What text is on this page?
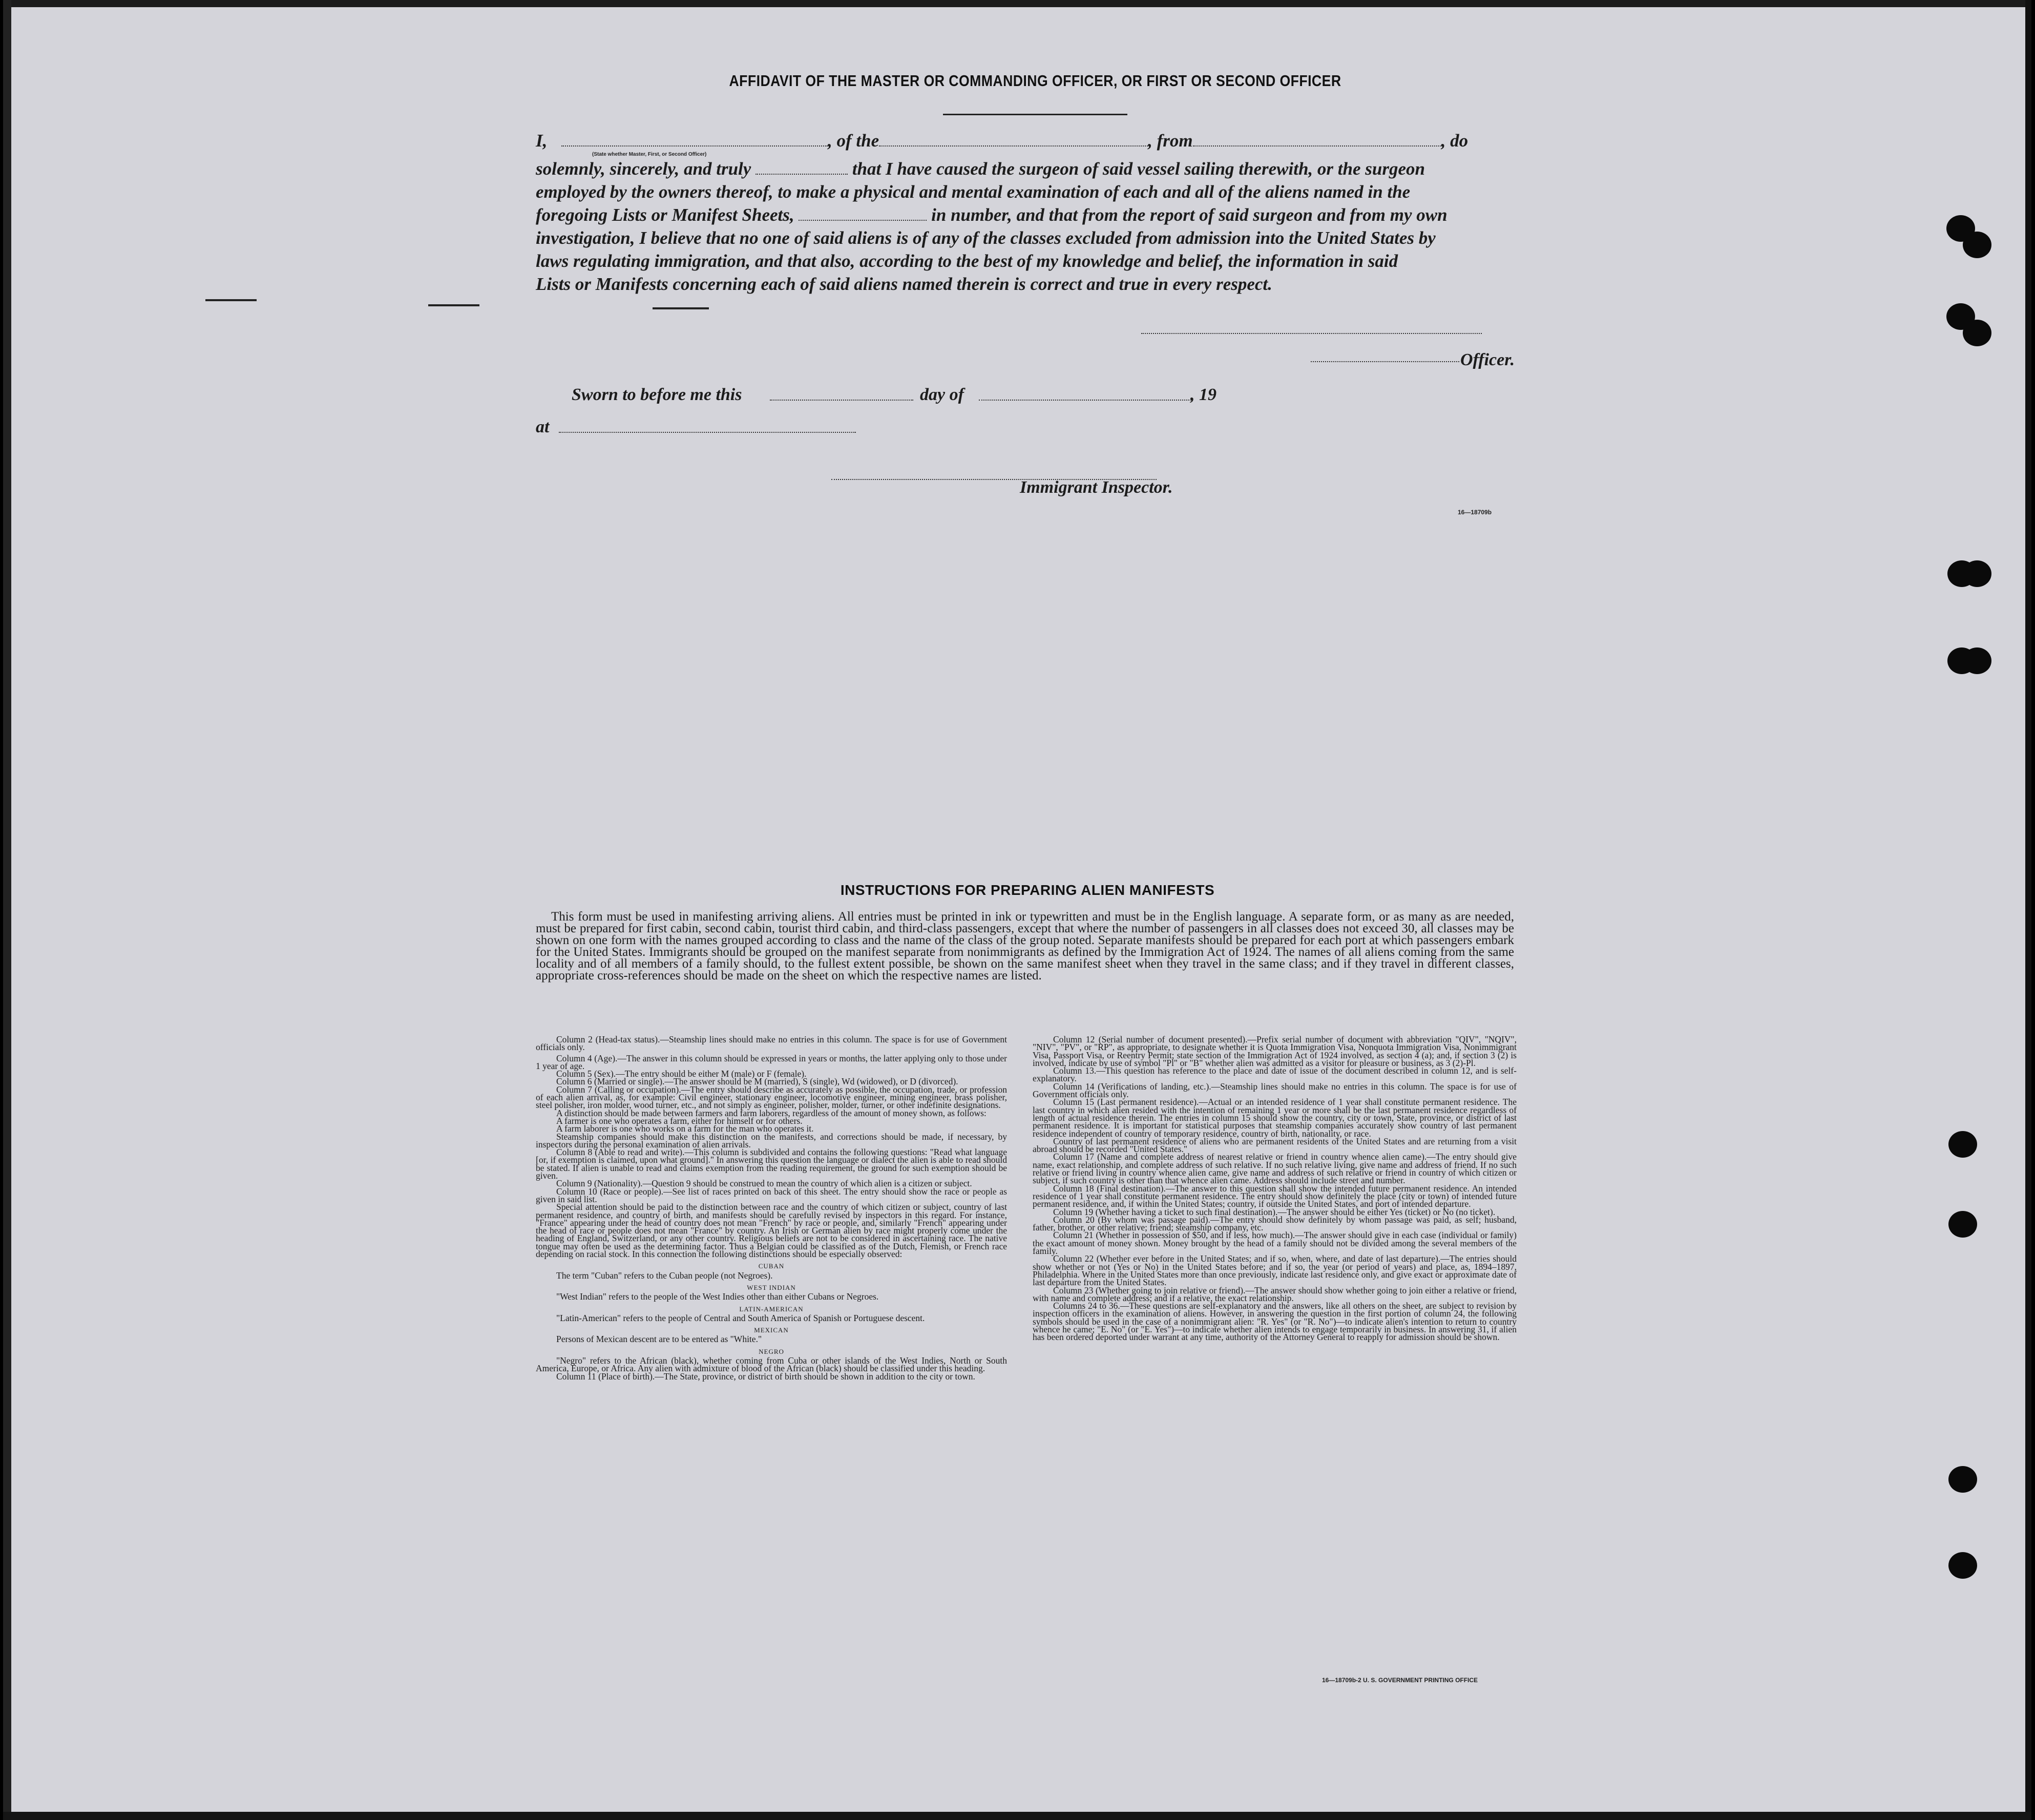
AFFIDAVIT OF THE MASTER OR COMMANDING OFFICER, OR FIRST OR SECOND OFFICER
I,	, of the	, from	, do
(State whether Master, First, or Second Officer)
solemnly, sincerely, and truly	that I have caused the surgeon of said vessel sailing therewith, or the surgeon
employed by the owners thereof, to make a physical and mental examination of each and all of the aliens named in the
foregoing Lists or Manifest Sheets,	in number, and that from the report of said surgeon and from my own
investigation, I believe that no one of said aliens is of any of the classes excluded from admission into the United States by
laws regulating immigration, and that also, according to the best of my knowledge and belief, the information in said
Lists or Manifests concerning each of said aliens named therein is correct and true in every respect.
Officer.
Sworn to before me this	day of	, 19
at
Immigrant Inspector.
16—18709b
INSTRUCTIONS FOR PREPARING ALIEN MANIFESTS
This form must be used in manifesting arriving aliens. All entries must be printed in ink or typewritten and must be in the English language. A separate form, or as many as are needed, must be prepared for first cabin, second cabin, tourist third cabin, and third-class passengers, except that where the number of passengers in all classes does not exceed 30, all classes may be shown on one form with the names grouped according to class and the name of the class of the group noted. Separate manifests should be prepared for each port at which passengers embark for the United States. Immigrants should be grouped on the manifest separate from nonimmigrants as defined by the Immigration Act of 1924. The names of all aliens coming from the same locality and of all members of a family should, to the fullest extent possible, be shown on the same manifest sheet when they travel in the same class; and if they travel in different classes, appropriate cross-references should be made on the sheet on which the respective names are listed.

Column 2 (Head-tax status).—Steamship lines should make no entries in this column. The space is for use of Government officials only.

Column 4 (Age).—The answer in this column should be expressed in years or months, the latter applying only to those under 1 year of age.

Column 5 (Sex).—The entry should be either M (male) or F (female).

Column 6 (Married or single).—The answer should be M (married), S (single), Wd (widowed), or D (divorced).

Column 7 (Calling or occupation).—The entry should describe as accurately as possible, the occupation, trade, or profession of each alien arrival, as, for example: Civil engineer, stationary engineer, locomotive engineer, mining engineer, brass polisher, steel polisher, iron molder, wood turner, etc., and not simply as engineer, polisher, molder, turner, or other indefinite designations.

A distinction should be made between farmers and farm laborers, regardless of the amount of money shown, as follows:

A farmer is one who operates a farm, either for himself or for others.

A farm laborer is one who works on a farm for the man who operates it.

Steamship companies should make this distinction on the manifests, and corrections should be made, if necessary, by inspectors during the personal examination of alien arrivals.

Column 8 (Able to read and write).—This column is subdivided and contains the following questions: "Read what language [or, if exemption is claimed, upon what ground]." In answering this question the language or dialect the alien is able to read should be stated. If alien is unable to read and claims exemption from the reading requirement, the ground for such exemption should be given.

Column 9 (Nationality).—Question 9 should be construed to mean the country of which alien is a citizen or subject.

Column 10 (Race or people).—See list of races printed on back of this sheet. The entry should show the race or people as given in said list.

Special attention should be paid to the distinction between race and the country of which citizen or subject, country of last permanent residence, and country of birth, and manifests should be carefully revised by inspectors in this regard. For instance, "France" appearing under the head of country does not mean "French" by race or people, and, similarly "French" appearing under the head of race or people does not mean "France" by country. An Irish or German alien by race might properly come under the heading of England, Switzerland, or any other country. Religious beliefs are not to be considered in ascertaining race. The native tongue may often be used as the determining factor. Thus a Belgian could be classified as of the Dutch, Flemish, or French race depending on racial stock. In this connection the following distinctions should be especially observed:

CUBAN

The term "Cuban" refers to the Cuban people (not Negroes).

WEST INDIAN

"West Indian" refers to the people of the West Indies other than either Cubans or Negroes.

LATIN-AMERICAN

"Latin-American" refers to the people of Central and South America of Spanish or Portuguese descent.

MEXICAN

Persons of Mexican descent are to be entered as "White."

NEGRO

"Negro" refers to the African (black), whether coming from Cuba or other islands of the West Indies, North or South America, Europe, or Africa. Any alien with admixture of blood of the African (black) should be classified under this heading.

Column 11 (Place of birth).—The State, province, or district of birth should be shown in addition to the city or town.

Column 12 (Serial number of document presented).—Prefix serial number of document with abbreviation "QIV", "NQIV", "NIV", "PV", or "RP", as appropriate, to designate whether it is Quota Immigration Visa, Nonquota Immigration Visa, Nonimmigrant Visa, Passport Visa, or Reentry Permit; state section of the Immigration Act of 1924 involved, as section 4 (a); and, if section 3 (2) is involved, indicate by use of symbol "Pl" or "B" whether alien was admitted as a visitor for pleasure or business, as 3 (2)-Pl.

Column 13.—This question has reference to the place and date of issue of the document described in column 12, and is self-explanatory.

Column 14 (Verifications of landing, etc.).—Steamship lines should make no entries in this column. The space is for use of Government officials only.

Column 15 (Last permanent residence).—Actual or an intended residence of 1 year shall constitute permanent residence. The last country in which alien resided with the intention of remaining 1 year or more shall be the last permanent residence regardless of length of actual residence therein. The entries in column 15 should show the country, city or town, State, province, or district of last permanent residence. It is important for statistical purposes that steamship companies accurately show country of last permanent residence independent of country of temporary residence, country of birth, nationality, or race.

Country of last permanent residence of aliens who are permanent residents of the United States and are returning from a visit abroad should be recorded "United States."

Column 17 (Name and complete address of nearest relative or friend in country whence alien came).—The entry should give name, exact relationship, and complete address of such relative. If no such relative living, give name and address of friend. If no such relative or friend living in country whence alien came, give name and address of such relative or friend in country of which citizen or subject, if such country is other than that whence alien came. Address should include street and number.

Column 18 (Final destination).—The answer to this question shall show the intended future permanent residence. An intended residence of 1 year shall constitute permanent residence. The entry should show definitely the place (city or town) of intended future permanent residence, and, if within the United States; country, if outside the United States, and port of intended departure.

Column 19 (Whether having a ticket to such final destination).—The answer should be either Yes (ticket) or No (no ticket).

Column 20 (By whom was passage paid).—The entry should show definitely by whom passage was paid, as self; husband, father, brother, or other relative; friend; steamship company, etc.

Column 21 (Whether in possession of $50, and if less, how much).—The answer should give in each case (individual or family) the exact amount of money shown. Money brought by the head of a family should not be divided among the several members of the family.

Column 22 (Whether ever before in the United States; and if so, when, where, and date of last departure).—The entries should show whether or not (Yes or No) in the United States before; and if so, the year (or period of years) and place, as, 1894–1897, Philadelphia. Where in the United States more than once previously, indicate last residence only, and give exact or approximate date of last departure from the United States.

Column 23 (Whether going to join relative or friend).—The answer should show whether going to join either a relative or friend, with name and complete address; and if a relative, the exact relationship.

Columns 24 to 36.—These questions are self-explanatory and the answers, like all others on the sheet, are subject to revision by inspection officers in the examination of aliens. However, in answering the question in the first portion of column 24, the following symbols should be used in the case of a nonimmigrant alien: "R. Yes" (or "R. No")—to indicate alien's intention to return to country whence he came; "E. No" (or "E. Yes")—to indicate whether alien intends to engage temporarily in business. In answering 31, if alien has been ordered deported under warrant at any time, authority of the Attorney General to reapply for admission should be shown.

16—18709b-2 U. S. GOVERNMENT PRINTING OFFICE
